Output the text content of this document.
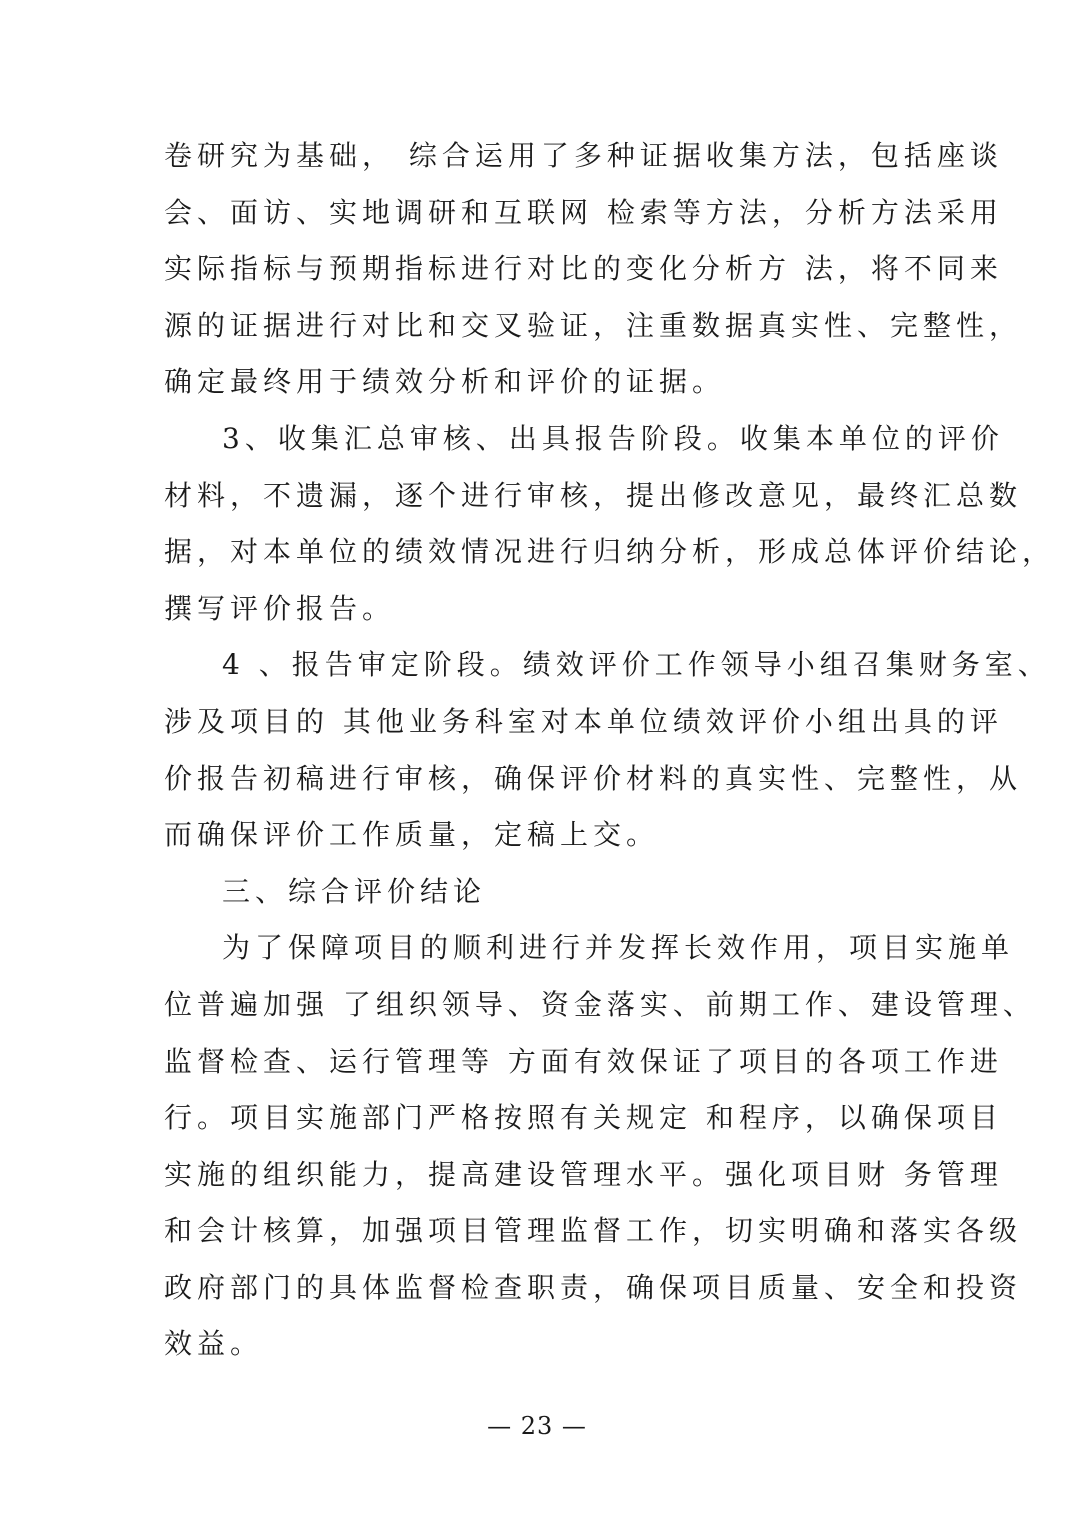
卷研究为基础， 综合运用了多种证据收集方法，包括座谈
会、面访、实地调研和互联网 检索等方法，分析方法采用
实际指标与预期指标进行对比的变化分析方 法，将不同来
源的证据进行对比和交叉验证，注重数据真实性、完整性，
确定最终用于绩效分析和评价的证据。
3、收集汇总审核、出具报告阶段。收集本单位的评价
材料，不遗漏，逐个进行审核，提出修改意见，最终汇总数
据，对本单位的绩效情况进行归纳分析，形成总体评价结论，
撰写评价报告。
4 、报告审定阶段。绩效评价工作领导小组召集财务室、
涉及项目的 其他业务科室对本单位绩效评价小组出具的评
价报告初稿进行审核，确保评价材料的真实性、完整性，从
而确保评价工作质量，定稿上交。
三、综合评价结论
为了保障项目的顺利进行并发挥长效作用，项目实施单
位普遍加强 了组织领导、资金落实、前期工作、建设管理、
监督检查、运行管理等 方面有效保证了项目的各项工作进
行。项目实施部门严格按照有关规定 和程序，以确保项目
实施的组织能力，提高建设管理水平。强化项目财 务管理
和会计核算，加强项目管理监督工作，切实明确和落实各级
政府部门的具体监督检查职责，确保项目质量、安全和投资
效益。
— 23 —
